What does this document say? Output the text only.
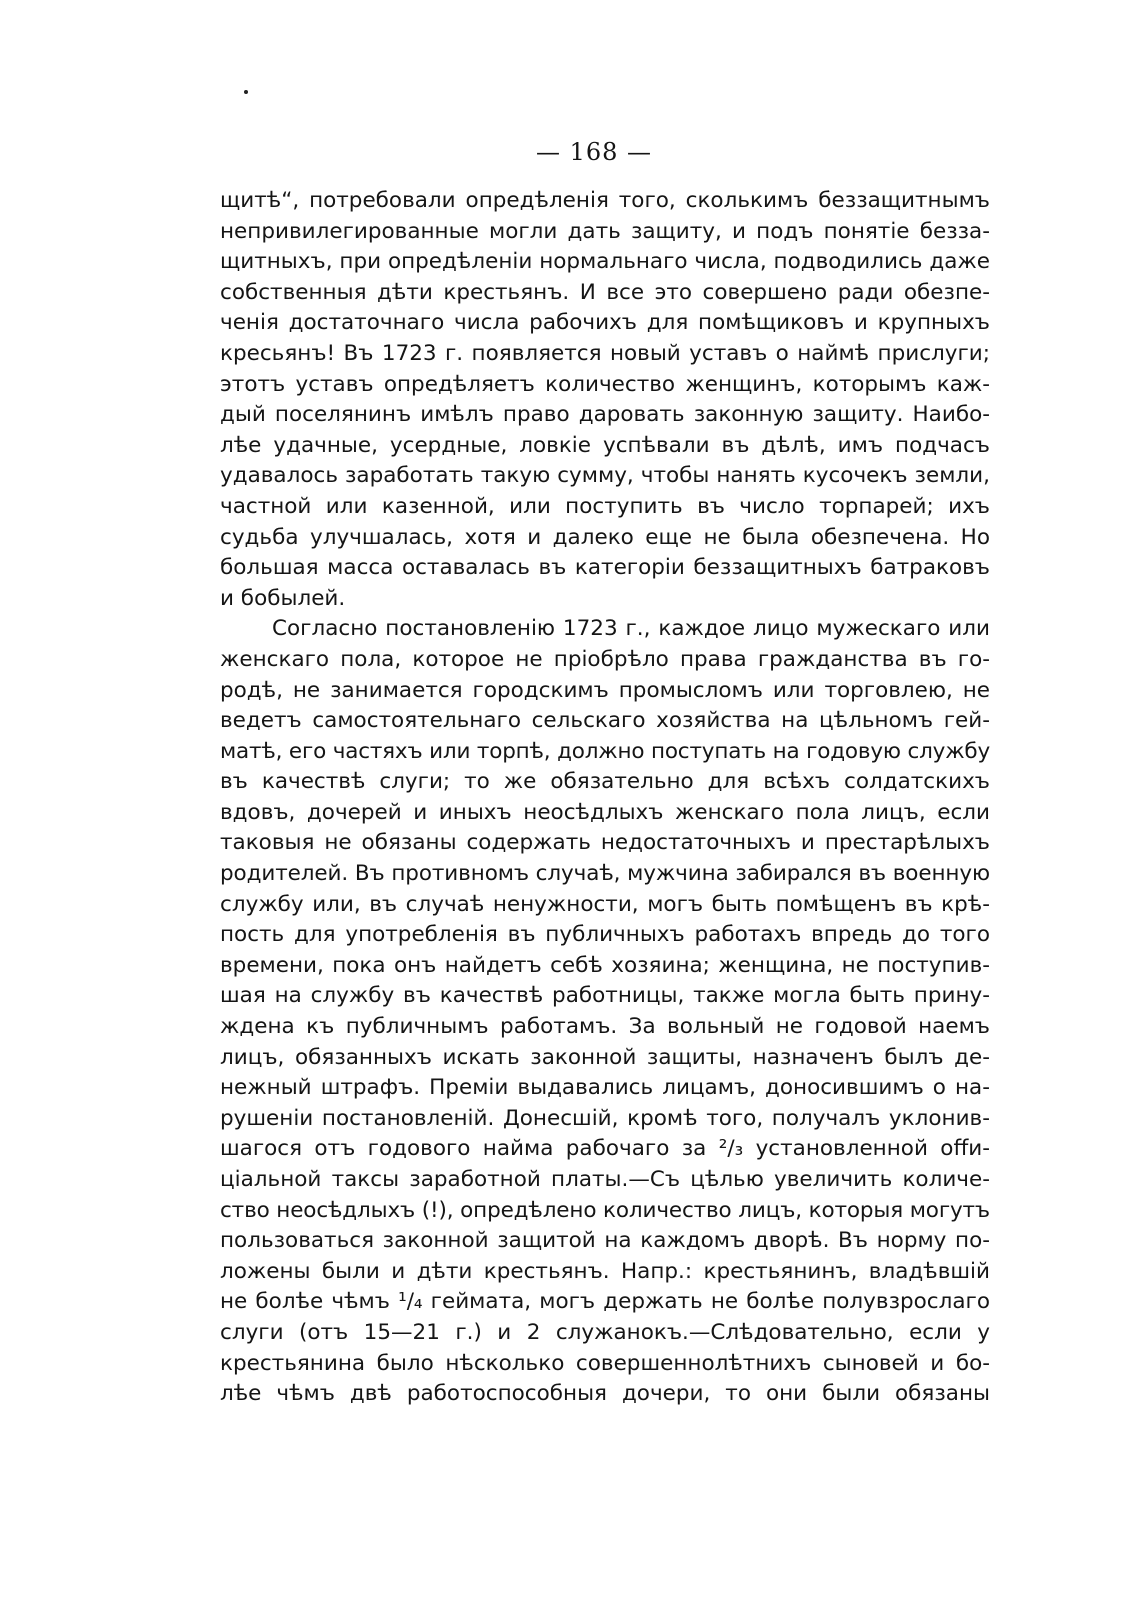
— 168 —
щитѣ“, потребовали опредѣленія того, сколькимъ беззащитнымъ
непривилегированные могли дать защиту, и подъ понятіе безза-
щитныхъ, при опредѣленіи нормальнаго числа, подводились даже
собственныя дѣти крестьянъ. И все это совершено ради обезпе-
ченія достаточнаго числа рабочихъ для помѣщиковъ и крупныхъ
кресьянъ! Въ 1723 г. появляется новый уставъ о наймѣ прислуги;
этотъ уставъ опредѣляетъ количество женщинъ, которымъ каж-
дый поселянинъ имѣлъ право даровать законную защиту. Наибо-
лѣе удачные, усердные, ловкіе успѣвали въ дѣлѣ, имъ подчасъ
удавалось заработать такую сумму, чтобы нанять кусочекъ земли,
частной или казенной, или поступить въ число торпарей; ихъ
судьба улучшалась, хотя и далеко еще не была обезпечена. Но
большая масса оставалась въ категоріи беззащитныхъ батраковъ
и бобылей.
Согласно постановленію 1723 г., каждое лицо мужескаго или
женскаго пола, которое не пріобрѣло права гражданства въ го-
родѣ, не занимается городскимъ промысломъ или торговлею, не
ведетъ самостоятельнаго сельскаго хозяйства на цѣльномъ гей-
матѣ, его частяхъ или торпѣ, должно поступать на годовую службу
въ качествѣ слуги; то же обязательно для всѣхъ солдатскихъ
вдовъ, дочерей и иныхъ неосѣдлыхъ женскаго пола лицъ, если
таковыя не обязаны содержать недостаточныхъ и престарѣлыхъ
родителей. Въ противномъ случаѣ, мужчина забирался въ военную
службу или, въ случаѣ ненужности, могъ быть помѣщенъ въ крѣ-
пость для употребленія въ публичныхъ работахъ впредь до того
времени, пока онъ найдетъ себѣ хозяина; женщина, не поступив-
шая на службу въ качествѣ работницы, также могла быть прину-
ждена къ публичнымъ работамъ. За вольный не годовой наемъ
лицъ, обязанныхъ искать законной защиты, назначенъ былъ де-
нежный штрафъ. Преміи выдавались лицамъ, доносившимъ о на-
рушеніи постановленій. Донесшій, кромѣ того, получалъ уклонив-
шагося отъ годового найма рабочаго за ²/₃ установленной offи-
ціальной таксы заработной платы.—Съ цѣлью увеличить количе-
ство неосѣдлыхъ (!), опредѣлено количество лицъ, которыя могутъ
пользоваться законной защитой на каждомъ дворѣ. Въ норму по-
ложены были и дѣти крестьянъ. Напр.: крестьянинъ, владѣвшій
не болѣе чѣмъ ¹/₄ геймата, могъ держать не болѣе полувзрослаго
слуги (отъ 15—21 г.) и 2 служанокъ.—Слѣдовательно, если у
крестьянина было нѣсколько совершеннолѣтнихъ сыновей и бо-
лѣе чѣмъ двѣ работоспособныя дочери, то они были обязаны
